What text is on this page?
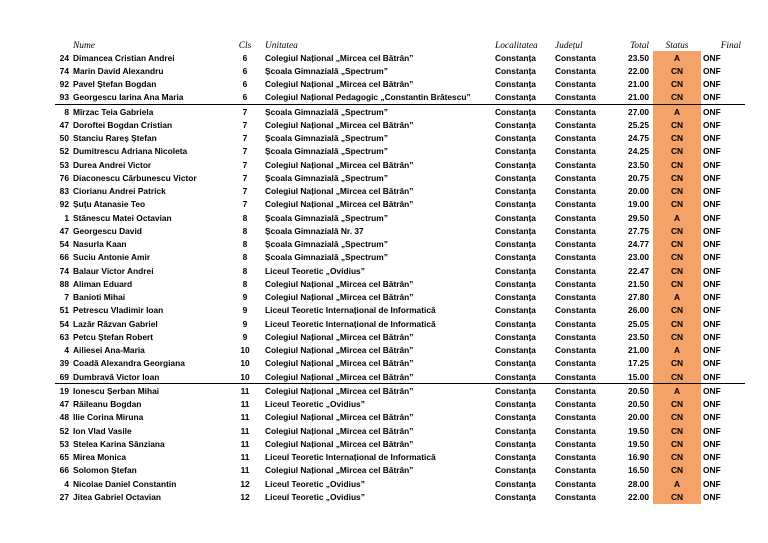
	Nume	Cls	Unitatea	Localitatea	Județul	Total	Status	Final
24	Dimancea Cristian Andrei	6	Colegiul Național „Mircea cel Bătrân”	Constanța	Constanta	23.50	A	ONF
74	Marin David Alexandru	6	Școala Gimnazială „Spectrum”	Constanța	Constanta	22.00	CN	ONF
92	Pavel Ștefan Bogdan	6	Colegiul Național „Mircea cel Bătrân”	Constanța	Constanta	21.00	CN	ONF
93	Georgescu Iarina Ana Maria	6	Colegiul Național Pedagogic „Constantin Brătescu”	Constanța	Constanta	21.00	CN	ONF
8	Mîrzac Teia Gabriela	7	Școala Gimnazială „Spectrum”	Constanța	Constanta	27.00	A	ONF
47	Doroftei Bogdan Cristian	7	Colegiul Național „Mircea cel Bătrân”	Constanța	Constanta	25.25	CN	ONF
50	Stanciu Rareș Ștefan	7	Școala Gimnazială „Spectrum”	Constanța	Constanta	24.75	CN	ONF
52	Dumitrescu Adriana Nicoleta	7	Școala Gimnazială „Spectrum”	Constanța	Constanta	24.25	CN	ONF
53	Durea Andrei Victor	7	Colegiul Național „Mircea cel Bătrân”	Constanța	Constanta	23.50	CN	ONF
76	Diaconescu Cărbunescu Victor	7	Școala Gimnazială „Spectrum”	Constanța	Constanta	20.75	CN	ONF
83	Ciorianu Andrei Patrick	7	Colegiul Național „Mircea cel Bătrân”	Constanța	Constanta	20.00	CN	ONF
92	Șuțu Atanasie Teo	7	Colegiul Național „Mircea cel Bătrân”	Constanța	Constanta	19.00	CN	ONF
1	Stănescu Matei Octavian	8	Școala Gimnazială „Spectrum”	Constanța	Constanta	29.50	A	ONF
47	Georgescu David	8	Școala Gimnazială Nr. 37	Constanța	Constanta	27.75	CN	ONF
54	Nasurla Kaan	8	Școala Gimnazială „Spectrum”	Constanța	Constanta	24.77	CN	ONF
66	Suciu Antonie Amir	8	Școala Gimnazială „Spectrum”	Constanța	Constanta	23.00	CN	ONF
74	Balaur Victor Andrei	8	Liceul Teoretic „Ovidius”	Constanța	Constanta	22.47	CN	ONF
88	Aliman Eduard	8	Colegiul Național „Mircea cel Bătrân”	Constanța	Constanta	21.50	CN	ONF
7	Banioti Mihai	9	Colegiul Național „Mircea cel Bătrân”	Constanța	Constanta	27.80	A	ONF
51	Petrescu Vladimir Ioan	9	Liceul Teoretic Internațional de Informatică	Constanța	Constanta	26.00	CN	ONF
54	Lazăr Răzvan Gabriel	9	Liceul Teoretic Internațional de Informatică	Constanța	Constanta	25.05	CN	ONF
63	Petcu Ștefan Robert	9	Colegiul Național „Mircea cel Bătrân”	Constanța	Constanta	23.50	CN	ONF
4	Ailiesei Ana-Maria	10	Colegiul Național „Mircea cel Bătrân”	Constanța	Constanta	21.00	A	ONF
39	Coadă Alexandra Georgiana	10	Colegiul Național „Mircea cel Bătrân”	Constanța	Constanta	17.25	CN	ONF
69	Dumbravă Victor Ioan	10	Colegiul Național „Mircea cel Bătrân”	Constanța	Constanta	15.00	CN	ONF
19	Ionescu Șerban Mihai	11	Colegiul Național „Mircea cel Bătrân”	Constanța	Constanta	20.50	A	ONF
47	Răileanu Bogdan	11	Liceul Teoretic „Ovidius”	Constanța	Constanta	20.50	CN	ONF
48	Ilie Corina Miruna	11	Colegiul Național „Mircea cel Bătrân”	Constanța	Constanta	20.00	CN	ONF
52	Ion Vlad Vasile	11	Colegiul Național „Mircea cel Bătrân”	Constanța	Constanta	19.50	CN	ONF
53	Stelea Karina Sânziana	11	Colegiul Național „Mircea cel Bătrân”	Constanța	Constanta	19.50	CN	ONF
65	Mirea Monica	11	Liceul Teoretic Internațional de Informatică	Constanța	Constanta	16.90	CN	ONF
66	Solomon Ștefan	11	Colegiul Național „Mircea cel Bătrân”	Constanța	Constanta	16.50	CN	ONF
4	Nicolae Daniel Constantin	12	Liceul Teoretic „Ovidius”	Constanța	Constanta	28.00	A	ONF
27	Jitea Gabriel Octavian	12	Liceul Teoretic „Ovidius”	Constanța	Constanta	22.00	CN	ONF
